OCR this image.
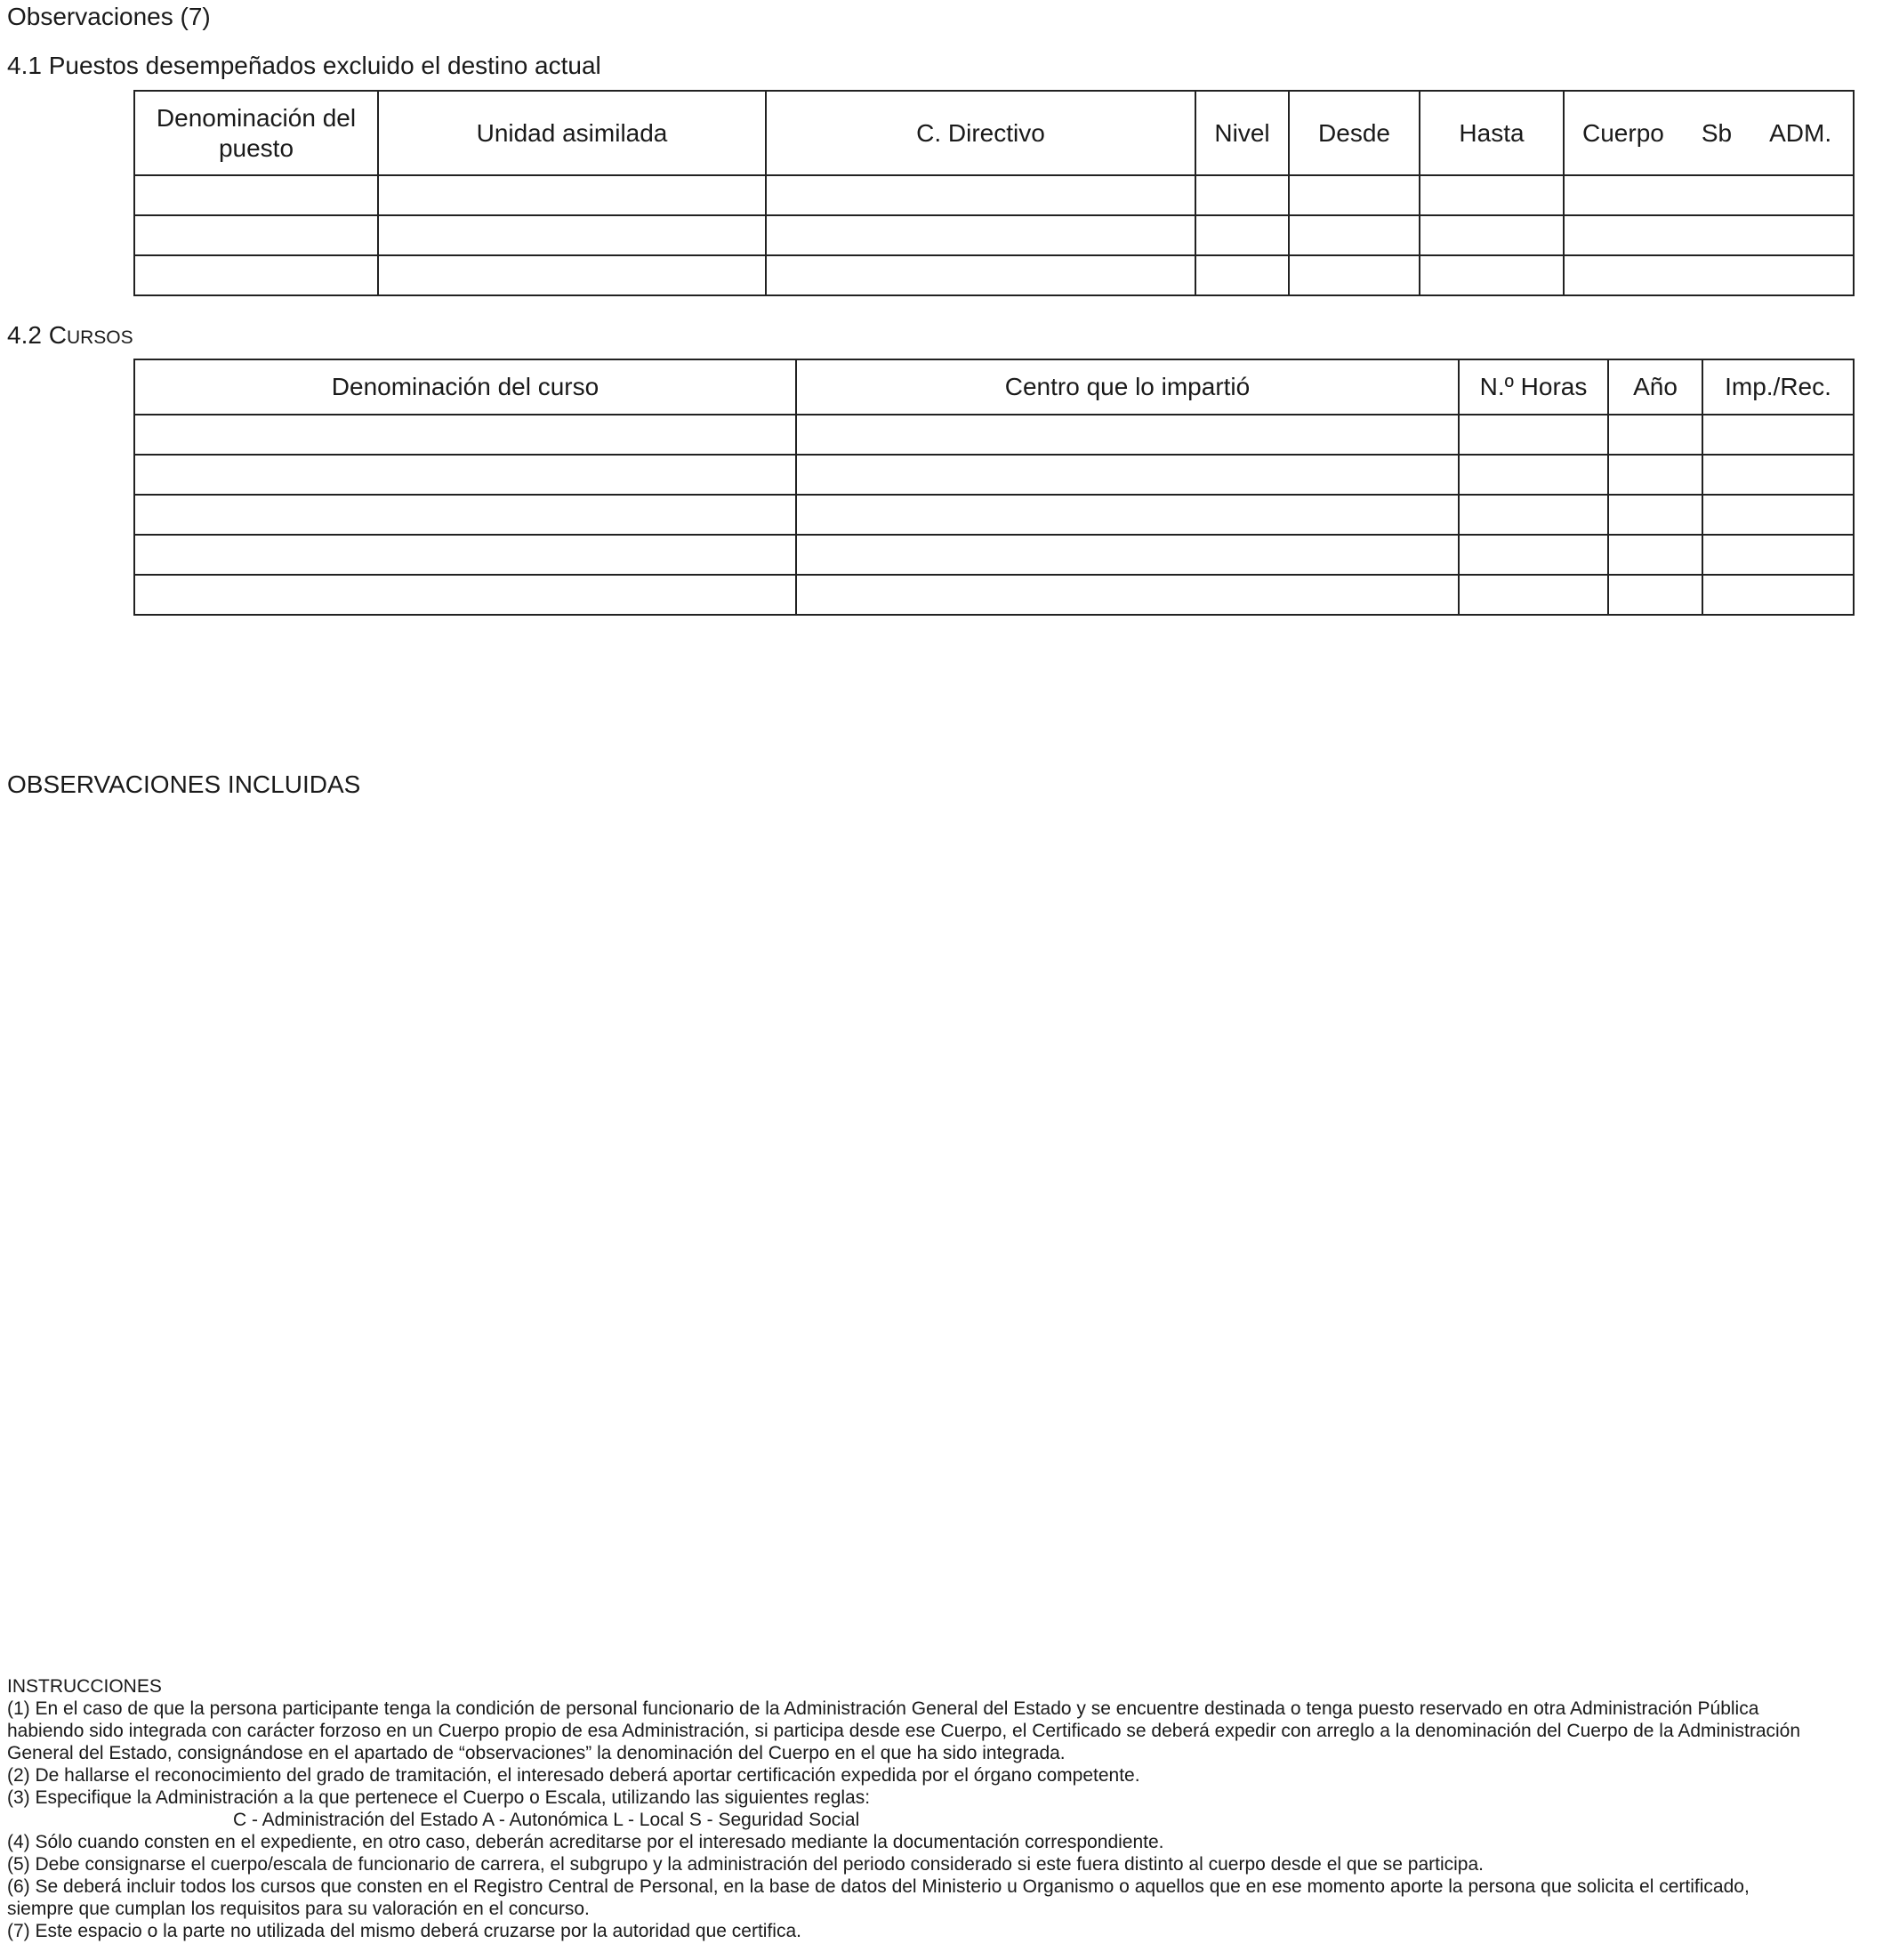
Observaciones (7)
4.1 Puestos desempeñados excluido el destino actual
Denominación del puesto	Unidad asimilada	C. Directivo	Nivel	Desde	Hasta	Cuerpo Sb ADM.

4.2 CURSOS
Denominación del curso	Centro que lo impartió	N.º Horas	Año	Imp./Rec.

OBSERVACIONES INCLUIDAS
INSTRUCCIONES
(1) En el caso de que la persona participante tenga la condición de personal funcionario de la Administración General del Estado y se encuentre destinada o tenga puesto reservado en otra Administración Pública
habiendo sido integrada con carácter forzoso en un Cuerpo propio de esa Administración, si participa desde ese Cuerpo, el Certificado se deberá expedir con arreglo a la denominación del Cuerpo de la Administración
General del Estado, consignándose en el apartado de “observaciones” la denominación del Cuerpo en el que ha sido integrada.
(2) De hallarse el reconocimiento del grado de tramitación, el interesado deberá aportar certificación expedida por el órgano competente.
(3) Especifique la Administración a la que pertenece el Cuerpo o Escala, utilizando las siguientes reglas:
C - Administración del Estado A - Autonómica L - Local S - Seguridad Social
(4) Sólo cuando consten en el expediente, en otro caso, deberán acreditarse por el interesado mediante la documentación correspondiente.
(5) Debe consignarse el cuerpo/escala de funcionario de carrera, el subgrupo y la administración del periodo considerado si este fuera distinto al cuerpo desde el que se participa.
(6) Se deberá incluir todos los cursos que consten en el Registro Central de Personal, en la base de datos del Ministerio u Organismo o aquellos que en ese momento aporte la persona que solicita el certificado,
siempre que cumplan los requisitos para su valoración en el concurso.
(7) Este espacio o la parte no utilizada del mismo deberá cruzarse por la autoridad que certifica.
